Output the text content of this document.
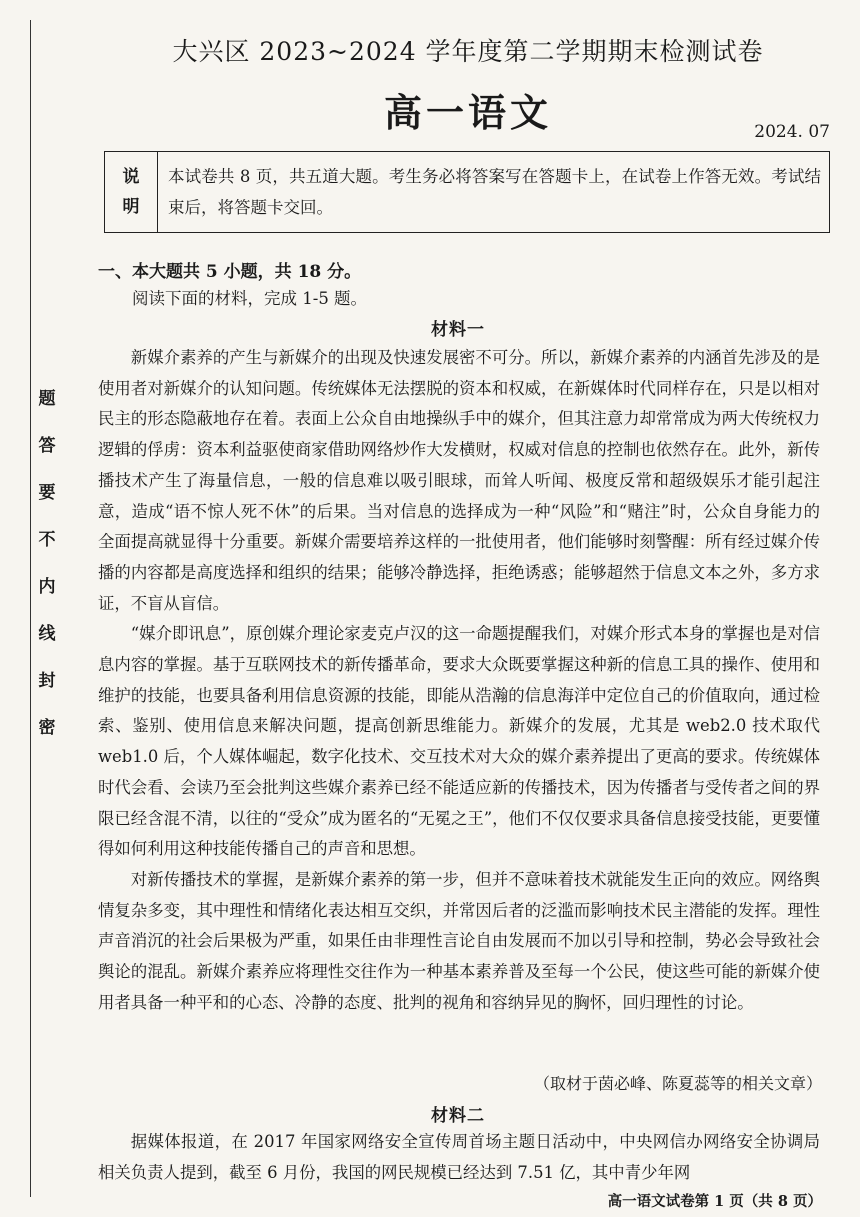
题
答
要
不
内
线
封
密
大兴区 2023~2024 学年度第二学期期末检测试卷
高一语文	2024. 07
说
明
本试卷共 8 页，共五道大题。考生务必将答案写在答题卡上，在试卷上作答无效。考试结束后，将答题卡交回。
一、本大题共 5 小题，共 18 分。
阅读下面的材料，完成 1-5 题。
材料一

新媒介素养的产生与新媒介的出现及快速发展密不可分。所以，新媒介素养的内涵首先涉及的是使用者对新媒介的认知问题。传统媒体无法摆脱的资本和权威，在新媒体时代同样存在，只是以相对民主的形态隐蔽地存在着。表面上公众自由地操纵手中的媒介，但其注意力却常常成为两大传统权力逻辑的俘虏：资本利益驱使商家借助网络炒作大发横财，权威对信息的控制也依然存在。此外，新传播技术产生了海量信息，一般的信息难以吸引眼球，而耸人听闻、极度反常和超级娱乐才能引起注意，造成“语不惊人死不休”的后果。当对信息的选择成为一种“风险”和“赌注”时，公众自身能力的全面提高就显得十分重要。新媒介需要培养这样的一批使用者，他们能够时刻警醒：所有经过媒介传播的内容都是高度选择和组织的结果；能够冷静选择，拒绝诱惑；能够超然于信息文本之外，多方求证，不盲从盲信。

“媒介即讯息”，原创媒介理论家麦克卢汉的这一命题提醒我们，对媒介形式本身的掌握也是对信息内容的掌握。基于互联网技术的新传播革命，要求大众既要掌握这种新的信息工具的操作、使用和维护的技能，也要具备利用信息资源的技能，即能从浩瀚的信息海洋中定位自己的价值取向，通过检索、鉴别、使用信息来解决问题，提高创新思维能力。新媒介的发展，尤其是 web2.0 技术取代 web1.0 后，个人媒体崛起，数字化技术、交互技术对大众的媒介素养提出了更高的要求。传统媒体时代会看、会读乃至会批判这些媒介素养已经不能适应新的传播技术，因为传播者与受传者之间的界限已经含混不清，以往的“受众”成为匿名的“无冕之王”，他们不仅仅要求具备信息接受技能，更要懂得如何利用这种技能传播自己的声音和思想。

对新传播技术的掌握，是新媒介素养的第一步，但并不意味着技术就能发生正向的效应。网络舆情复杂多变，其中理性和情绪化表达相互交织，并常因后者的泛滥而影响技术民主潜能的发挥。理性声音消沉的社会后果极为严重，如果任由非理性言论自由发展而不加以引导和控制，势必会导致社会舆论的混乱。新媒介素养应将理性交往作为一种基本素养普及至每一个公民，使这些可能的新媒介使用者具备一种平和的心态、冷静的态度、批判的视角和容纳异见的胸怀，回归理性的讨论。

（取材于茵必峰、陈夏蕊等的相关文章）
材料二

据媒体报道，在 2017 年国家网络安全宣传周首场主题日活动中，中央网信办网络安全协调局相关负责人提到，截至 6 月份，我国的网民规模已经达到 7.51 亿，其中青少年网

高一语文试卷第 1 页（共 8 页）
